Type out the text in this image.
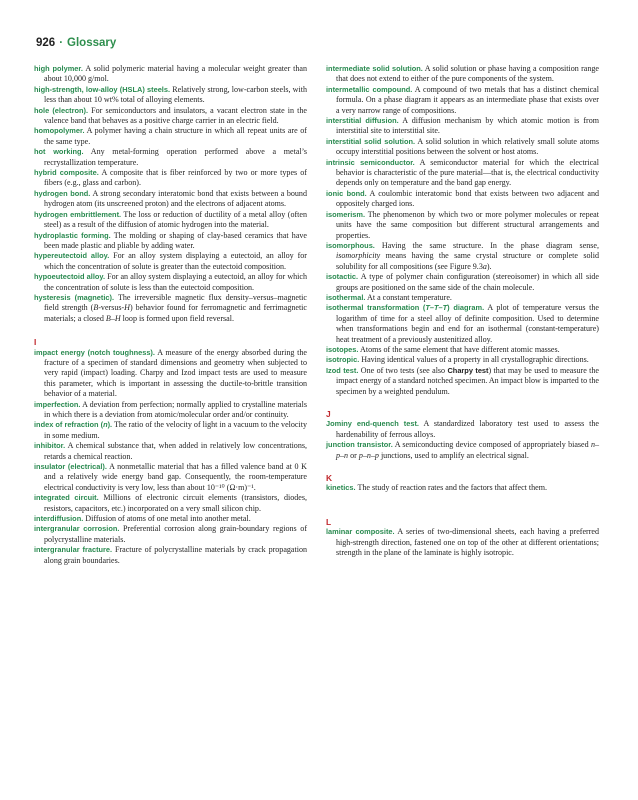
926 · Glossary

high polymer. A solid polymeric material having a molecular weight greater than about 10,000 g/mol.

high-strength, low-alloy (HSLA) steels. Relatively strong, low-carbon steels, with less than about 10 wt% total of alloying elements.

hole (electron). For semiconductors and insulators, a vacant electron state in the valence band that behaves as a positive charge carrier in an electric field.

homopolymer. A polymer having a chain structure in which all repeat units are of the same type.

hot working. Any metal-forming operation performed above a metal’s recrystallization temperature.

hybrid composite. A composite that is fiber reinforced by two or more types of fibers (e.g., glass and carbon).

hydrogen bond. A strong secondary interatomic bond that exists between a bound hydrogen atom (its unscreened proton) and the electrons of adjacent atoms.

hydrogen embrittlement. The loss or reduction of ductility of a metal alloy (often steel) as a result of the diffusion of atomic hydrogen into the material.

hydroplastic forming. The molding or shaping of clay-based ceramics that have been made plastic and pliable by adding water.

hypereutectoid alloy. For an alloy system displaying a eutectoid, an alloy for which the concentration of solute is greater than the eutectoid composition.

hypoeutectoid alloy. For an alloy system displaying a eutectoid, an alloy for which the concentration of solute is less than the eutectoid composition.

hysteresis (magnetic). The irreversible magnetic flux density–versus–magnetic field strength (B-versus-H) behavior found for ferromagnetic and ferrimagnetic materials; a closed B–H loop is formed upon field reversal.

I

impact energy (notch toughness). A measure of the energy absorbed during the fracture of a specimen of standard dimensions and geometry when subjected to very rapid (impact) loading. Charpy and Izod impact tests are used to measure this parameter, which is important in assessing the ductile-to-brittle transition behavior of a material.

imperfection. A deviation from perfection; normally applied to crystalline materials in which there is a deviation from atomic/molecular order and/or continuity.

index of refraction (n). The ratio of the velocity of light in a vacuum to the velocity in some medium.

inhibitor. A chemical substance that, when added in relatively low concentrations, retards a chemical reaction.

insulator (electrical). A nonmetallic material that has a filled valence band at 0 K and a relatively wide energy band gap. Consequently, the room-temperature electrical conductivity is very low, less than about 10⁻¹⁰ (Ω·m)⁻¹.

integrated circuit. Millions of electronic circuit elements (transistors, diodes, resistors, capacitors, etc.) incorporated on a very small silicon chip.

interdiffusion. Diffusion of atoms of one metal into another metal.

intergranular corrosion. Preferential corrosion along grain-boundary regions of polycrystalline materials.

intergranular fracture. Fracture of polycrystalline materials by crack propagation along grain boundaries.

intermediate solid solution. A solid solution or phase having a composition range that does not extend to either of the pure components of the system.

intermetallic compound. A compound of two metals that has a distinct chemical formula. On a phase diagram it appears as an intermediate phase that exists over a very narrow range of compositions.

interstitial diffusion. A diffusion mechanism by which atomic motion is from interstitial site to interstitial site.

interstitial solid solution. A solid solution in which relatively small solute atoms occupy interstitial positions between the solvent or host atoms.

intrinsic semiconductor. A semiconductor material for which the electrical behavior is characteristic of the pure material—that is, the electrical conductivity depends only on temperature and the band gap energy.

ionic bond. A coulombic interatomic bond that exists between two adjacent and oppositely charged ions.

isomerism. The phenomenon by which two or more polymer molecules or repeat units have the same composition but different structural arrangements and properties.

isomorphous. Having the same structure. In the phase diagram sense, isomorphicity means having the same crystal structure or complete solid solubility for all compositions (see Figure 9.3a).

isotactic. A type of polymer chain configuration (stereoisomer) in which all side groups are positioned on the same side of the chain molecule.

isothermal. At a constant temperature.

isothermal transformation (T–T–T) diagram. A plot of temperature versus the logarithm of time for a steel alloy of definite composition. Used to determine when transformations begin and end for an isothermal (constant-temperature) heat treatment of a previously austenitized alloy.

isotopes. Atoms of the same element that have different atomic masses.

isotropic. Having identical values of a property in all crystallographic directions.

Izod test. One of two tests (see also Charpy test) that may be used to measure the impact energy of a standard notched specimen. An impact blow is imparted to the specimen by a weighted pendulum.

J

Jominy end-quench test. A standardized laboratory test used to assess the hardenability of ferrous alloys.

junction transistor. A semiconducting device composed of appropriately biased n–p–n or p–n–p junctions, used to amplify an electrical signal.

K

kinetics. The study of reaction rates and the factors that affect them.

L

laminar composite. A series of two-dimensional sheets, each having a preferred high-strength direction, fastened one on top of the other at different orientations; strength in the plane of the laminate is highly isotropic.
